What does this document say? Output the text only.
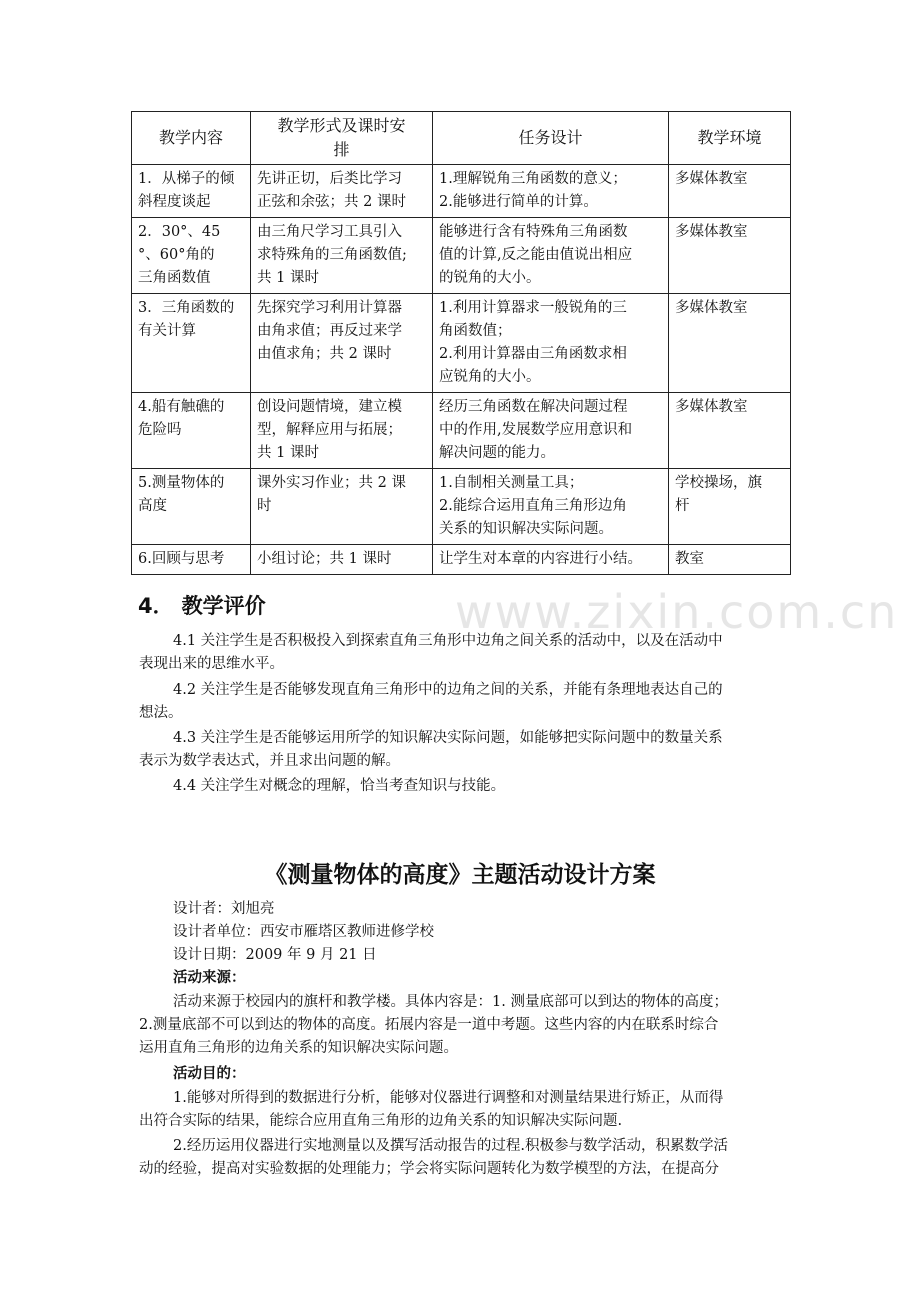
www.zixin.com.cn
教学内容	教学形式及课时安
排	任务设计	教学环境

1．从梯子的倾
斜程度谈起	先讲正切，后类比学习
正弦和余弦；共 2 课时	1.理解锐角三角函数的意义；
2.能够进行简单的计算。	多媒体教室

2．30°、45
°、60°角的
三角函数值	由三角尺学习工具引入
求特殊角的三角函数值;
共 1 课时	能够进行含有特殊角三角函数
值的计算,反之能由值说出相应
的锐角的大小。	多媒体教室

3．三角函数的
有关计算	先探究学习利用计算器
由角求值；再反过来学
由值求角；共 2 课时	1.利用计算器求一般锐角的三
角函数值；
2.利用计算器由三角函数求相
应锐角的大小。	多媒体教室

4.船有触礁的
危险吗	创设问题情境，建立模
型，解释应用与拓展；
共 1 课时	经历三角函数在解决问题过程
中的作用,发展数学应用意识和
解决问题的能力。	多媒体教室

5.测量物体的
高度	课外实习作业；共 2 课
时	1.自制相关测量工具；
2.能综合运用直角三角形边角
关系的知识解决实际问题。	学校操场，旗
杆

6.回顾与思考	小组讨论；共 1 课时	让学生对本章的内容进行小结。	教室
4． 教学评价
4.1 关注学生是否积极投入到探索直角三角形中边角之间关系的活动中，以及在活动中
表现出来的思维水平。
4.2 关注学生是否能够发现直角三角形中的边角之间的关系，并能有条理地表达自己的
想法。
4.3 关注学生是否能够运用所学的知识解决实际问题，如能够把实际问题中的数量关系
表示为数学表达式，并且求出问题的解。
4.4 关注学生对概念的理解，恰当考查知识与技能。
《测量物体的高度》主题活动设计方案
设计者：刘旭亮
设计者单位：西安市雁塔区教师进修学校
设计日期：2009 年 9 月 21 日
活动来源：
活动来源于校园内的旗杆和教学楼。具体内容是：1. 测量底部可以到达的物体的高度；
2.测量底部不可以到达的物体的高度。拓展内容是一道中考题。这些内容的内在联系时综合
运用直角三角形的边角关系的知识解决实际问题。
活动目的：
1.能够对所得到的数据进行分析，能够对仪器进行调整和对测量结果进行矫正，从而得
出符合实际的结果，能综合应用直角三角形的边角关系的知识解决实际问题.
2.经历运用仪器进行实地测量以及撰写活动报告的过程.积极参与数学活动，积累数学活
动的经验，提高对实验数据的处理能力；学会将实际问题转化为数学模型的方法，在提高分
